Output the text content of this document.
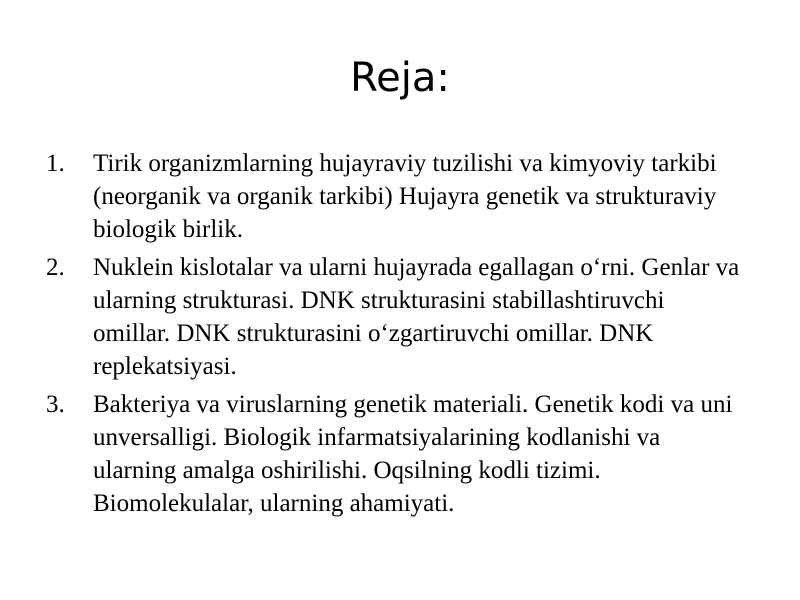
Reja:
1. Tirik organizmlarning hujayraviy tuzilishi va kimyoviy tarkibi (neorganik va organik tarkibi) Hujayra genetik va strukturaviy biologik birlik.
2. Nuklein kislotalar va ularni hujayrada egallagan o‘rni. Genlar va ularning strukturasi. DNK strukturasini stabillashtiruvchi omillar. DNK strukturasini o‘zgartiruvchi omillar. DNK replekatsiyasi.
3. Bakteriya va viruslarning genetik materiali. Genetik kodi va uni unversalligi. Biologik infarmatsiyalarining kodlanishi va ularning amalga oshirilishi. Oqsilning kodli tizimi. Biomolekulalar, ularning ahamiyati.
